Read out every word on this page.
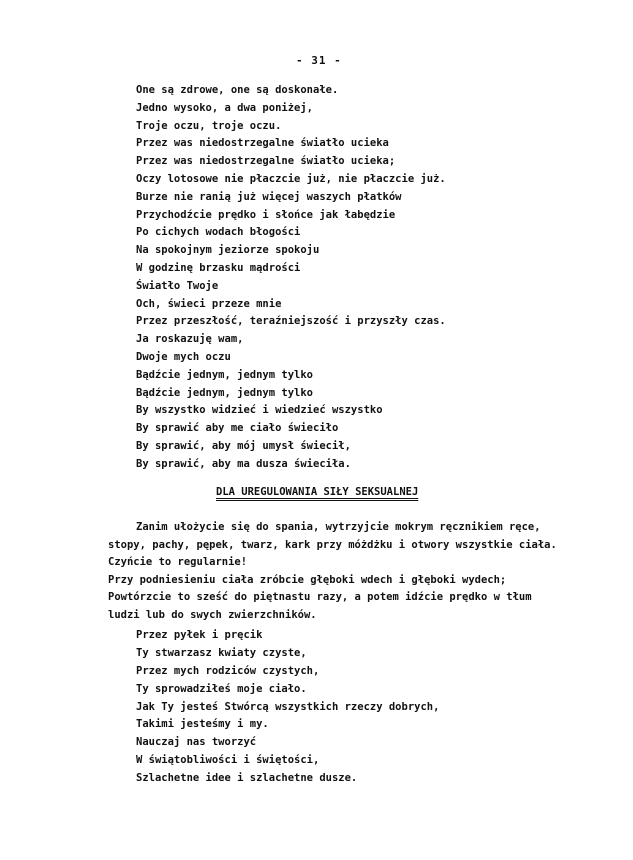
- 31 -
One są zdrowe, one są doskonałe.
Jedno wysoko, a dwa poniżej,
Troje oczu, troje oczu.
Przez was niedostrzegalne światło ucieka
Przez was niedostrzegalne światło ucieka;
Oczy lotosowe nie płaczcie już, nie płaczcie już.
Burze nie ranią już więcej waszych płatków
Przychodźcie prędko i słońce jak łabędzie
Po cichych wodach błogości
Na spokojnym jeziorze spokoju
W godzinę brzasku mądrości
Światło Twoje
Och, świeci przeze mnie
Przez przeszłość, teraźniejszość i przyszły czas.
Ja roskazuję wam,
Dwoje mych oczu
Bądźcie jednym, jednym tylko
Bądźcie jednym, jednym tylko
By wszystko widzieć i wiedzieć wszystko
By sprawić aby me ciało świeciło
By sprawić, aby mój umysł świecił,
By sprawić, aby ma dusza świeciła.
DLA UREGULOWANIA SIŁY SEKSUALNEJ
Zanim ułożycie się do spania, wytrzyjcie mokrym ręcznikiem ręce,
stopy, pachy, pępek, twarz, kark przy móżdżku i otwory wszystkie ciała.
Czyńcie to regularnie!
Przy podniesieniu ciała zróbcie głęboki wdech i głęboki wydech;
Powtórzcie to sześć do piętnastu razy, a potem idźcie prędko w tłum
ludzi lub do swych zwierzchników.
Przez pyłek i pręcik
Ty stwarzasz kwiaty czyste,
Przez mych rodziców czystych,
Ty sprowadziłeś moje ciało.
Jak Ty jesteś Stwórcą wszystkich rzeczy dobrych,
Takimi jesteśmy i my.
Nauczaj nas tworzyć
W świątobliwości i świętości,
Szlachetne idee i szlachetne dusze.
